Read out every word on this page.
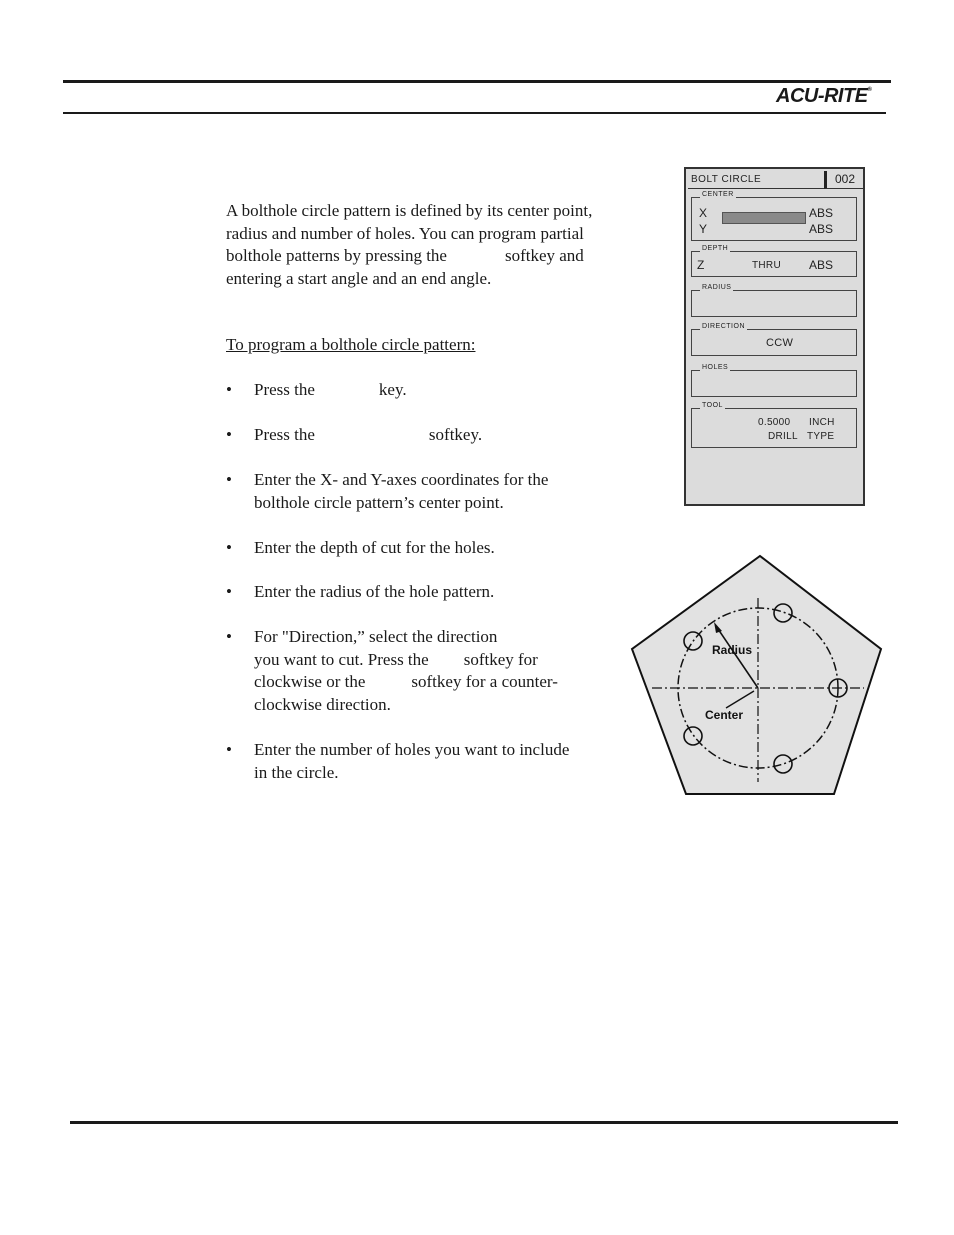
ACU-RITE®
A bolthole circle pattern is defined by its center point,
radius and number of holes. You can program partial
bolthole patterns by pressing the	softkey and
entering a start angle and an end angle.
To program a bolthole circle pattern:
• Press the	key.
• Press the	softkey.
• Enter the X- and Y-axes coordinates for the
bolthole circle pattern’s center point.
• Enter the depth of cut for the holes.
• Enter the radius of the hole pattern.
• For "Direction,” select the direction
you want to cut. Press the softkey for
clockwise or the	softkey for a counter-
clockwise direction.
• Enter the number of holes you want to include
in the circle.
BOLT CIRCLE	002
CENTER
X	ABS
Y	ABS
DEPTH
Z	THRU ABS
RADIUS
DIRECTION
CCW
HOLES
TOOL
0.5000 INCH
DRILL TYPE
Radius
Center
